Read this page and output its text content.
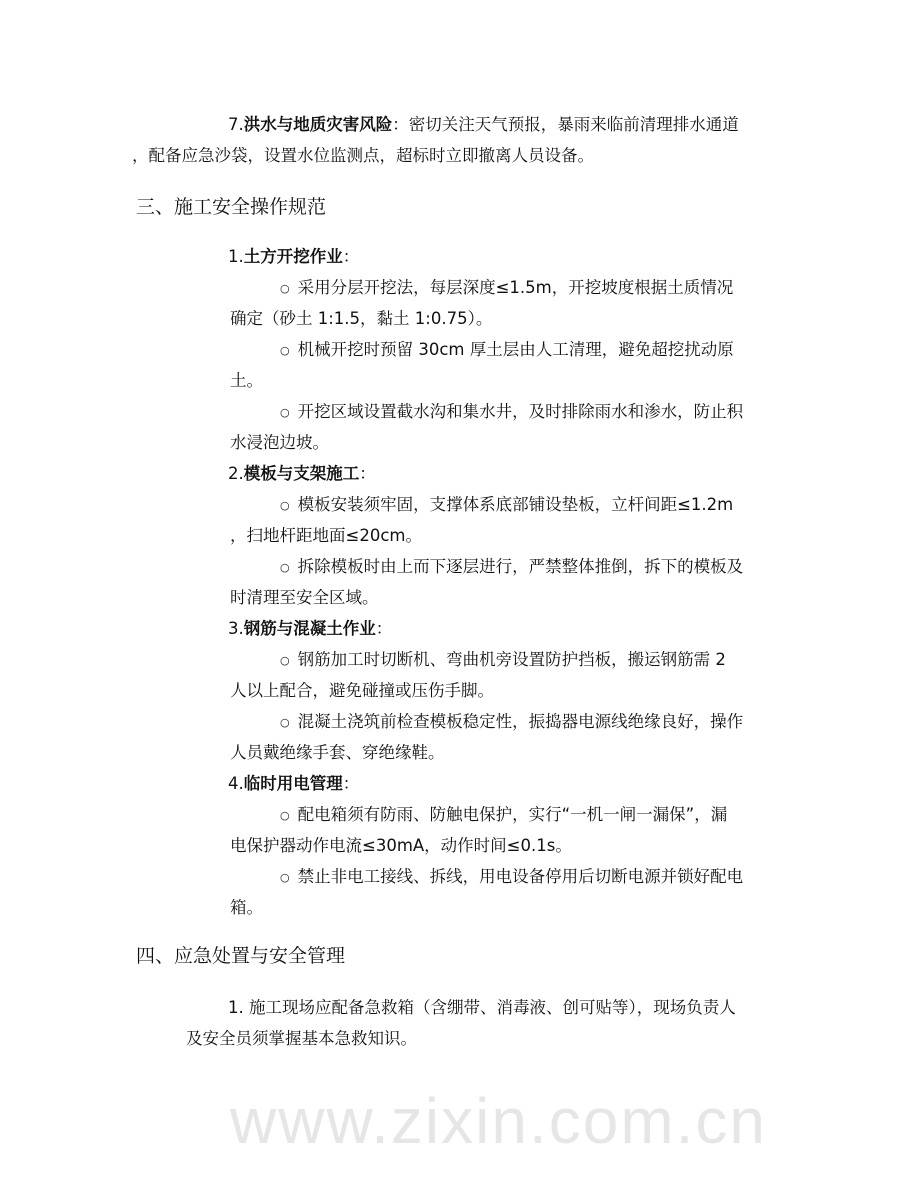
7.洪水与地质灾害风险：密切关注天气预报，暴雨来临前清理排水通道
，配备应急沙袋，设置水位监测点，超标时立即撤离人员设备。
三、施工安全操作规范
1.土方开挖作业：
○ 采用分层开挖法，每层深度≤1.5m，开挖坡度根据土质情况
确定（砂土 1:1.5，黏土 1:0.75）。
○ 机械开挖时预留 30cm 厚土层由人工清理，避免超挖扰动原
土。
○ 开挖区域设置截水沟和集水井，及时排除雨水和渗水，防止积
水浸泡边坡。
2.模板与支架施工：
○ 模板安装须牢固，支撑体系底部铺设垫板，立杆间距≤1.2m
，扫地杆距地面≤20cm。
○ 拆除模板时由上而下逐层进行，严禁整体推倒，拆下的模板及
时清理至安全区域。
3.钢筋与混凝土作业：
○ 钢筋加工时切断机、弯曲机旁设置防护挡板，搬运钢筋需 2
人以上配合，避免碰撞或压伤手脚。
○ 混凝土浇筑前检查模板稳定性，振捣器电源线绝缘良好，操作
人员戴绝缘手套、穿绝缘鞋。
4.临时用电管理：
○ 配电箱须有防雨、防触电保护，实行“一机一闸一漏保”，漏
电保护器动作电流≤30mA，动作时间≤0.1s。
○ 禁止非电工接线、拆线，用电设备停用后切断电源并锁好配电
箱。
四、应急处置与安全管理
1. 施工现场应配备急救箱（含绷带、消毒液、创可贴等），现场负责人
及安全员须掌握基本急救知识。
www.zixin.com.cn
